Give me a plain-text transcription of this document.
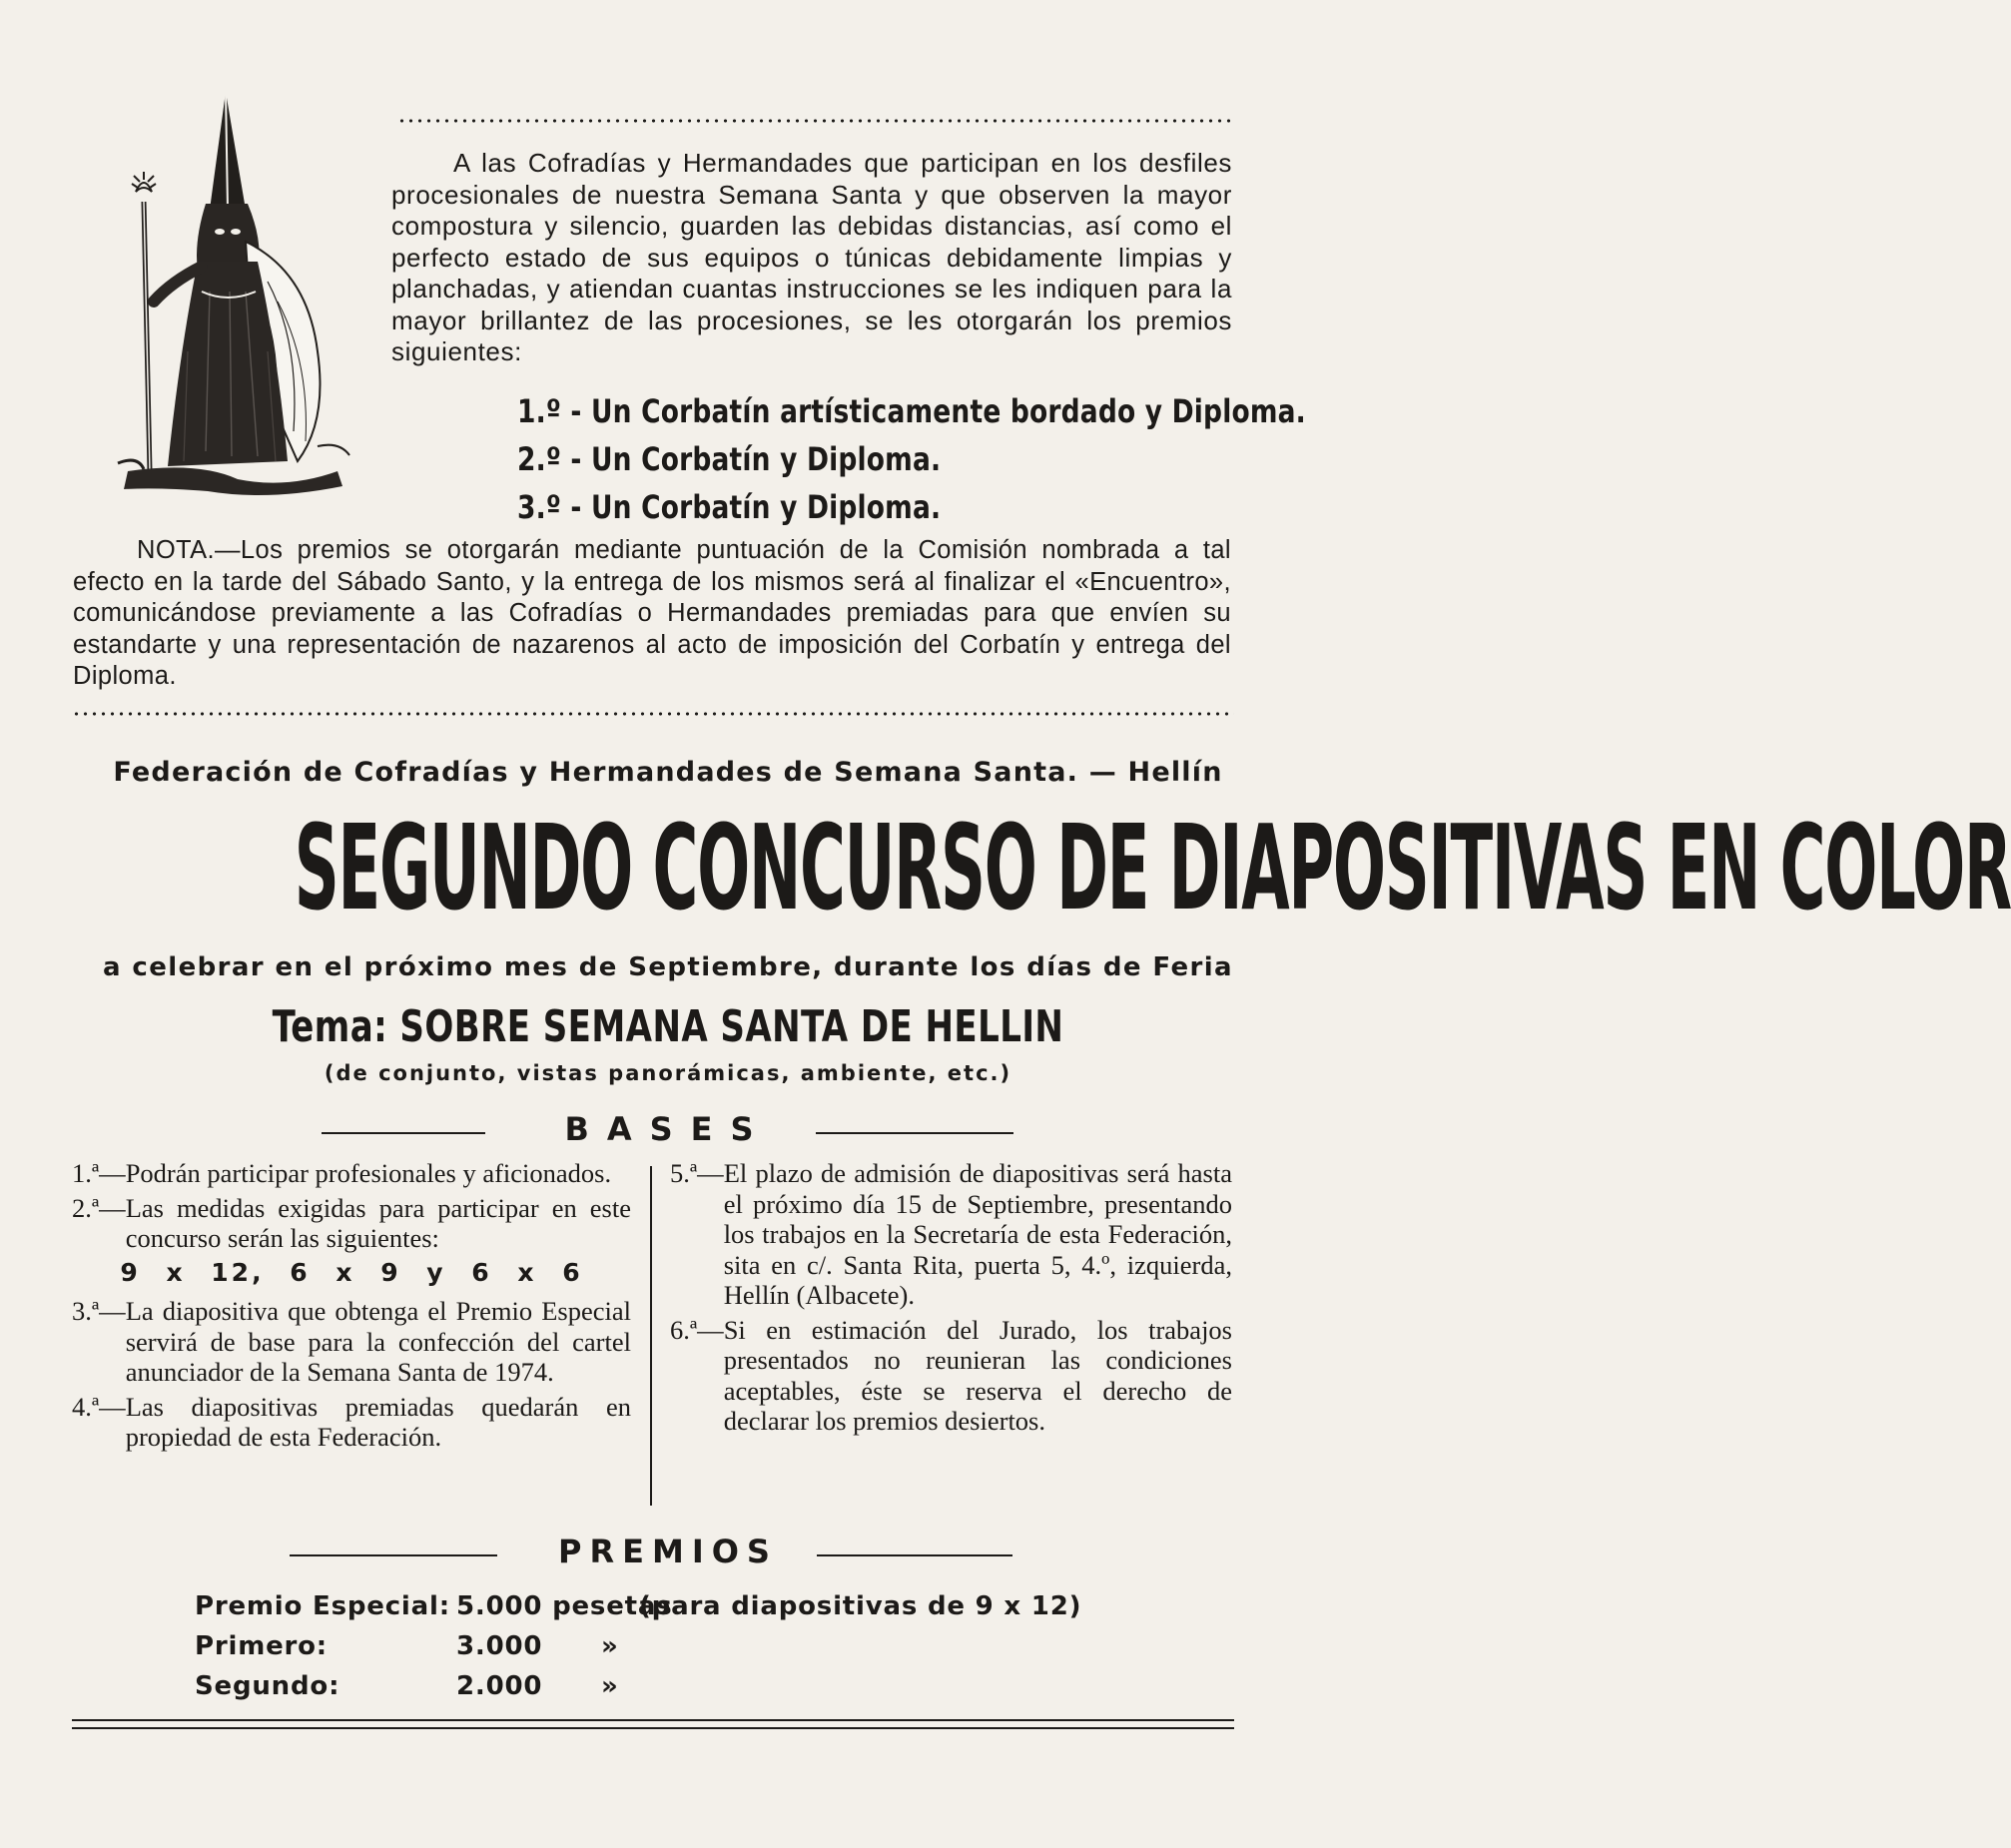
A las Cofradías y Hermandades que participan en los desfiles procesionales de nuestra Semana Santa y que observen la mayor compostura y silencio, guarden las debidas distancias, así como el perfecto estado de sus equipos o túnicas debidamente limpias y planchadas, y atiendan cuantas instrucciones se les indiquen para la mayor brillantez de las procesiones, se les otorgarán los premios siguientes:
1.º - Un Corbatín artísticamente bordado y Diploma.
2.º - Un Corbatín y Diploma.
3.º - Un Corbatín y Diploma.
NOTA.—Los premios se otorgarán mediante puntuación de la Comisión nombrada a tal efecto en la tarde del Sábado Santo, y la entrega de los mismos será al finalizar el «Encuentro», comunicándose previamente a las Cofradías o Hermandades premiadas para que envíen su estandarte y una representación de nazarenos al acto de imposición del Corbatín y entrega del Diploma.
Federación de Cofradías y Hermandades de Semana Santa. — Hellín
SEGUNDO CONCURSO DE DIAPOSITIVAS EN COLOR
a celebrar en el próximo mes de Septiembre, durante los días de Feria
Tema: SOBRE SEMANA SANTA DE HELLIN
(de conjunto, vistas panorámicas, ambiente, etc.)
BASES
1.ª— Podrán participar profesionales y aficionados.
2.ª— Las medidas exigidas para participar en este concurso serán las siguientes:
9 x 12, 6 x 9 y 6 x 6
3.ª— La diapositiva que obtenga el Premio Especial servirá de base para la confección del cartel anunciador de la Semana Santa de 1974.
4.ª— Las diapositivas premiadas quedarán en propiedad de esta Federación.
5.ª— El plazo de admisión de diapositivas será hasta el próximo día 15 de Septiembre, presentando los trabajos en la Secretaría de esta Federación, sita en c/. Santa Rita, puerta 5, 4.º, izquierda, Hellín (Albacete).
6.ª— Si en estimación del Jurado, los trabajos presentados no reunieran las condiciones aceptables, éste se reserva el derecho de declarar los premios desiertos.
PREMIOS
Premio Especial: 5.000 pesetas
(para diapositivas de 9 x 12)
Primero:	3.000 »
Segundo:	2.000 »
